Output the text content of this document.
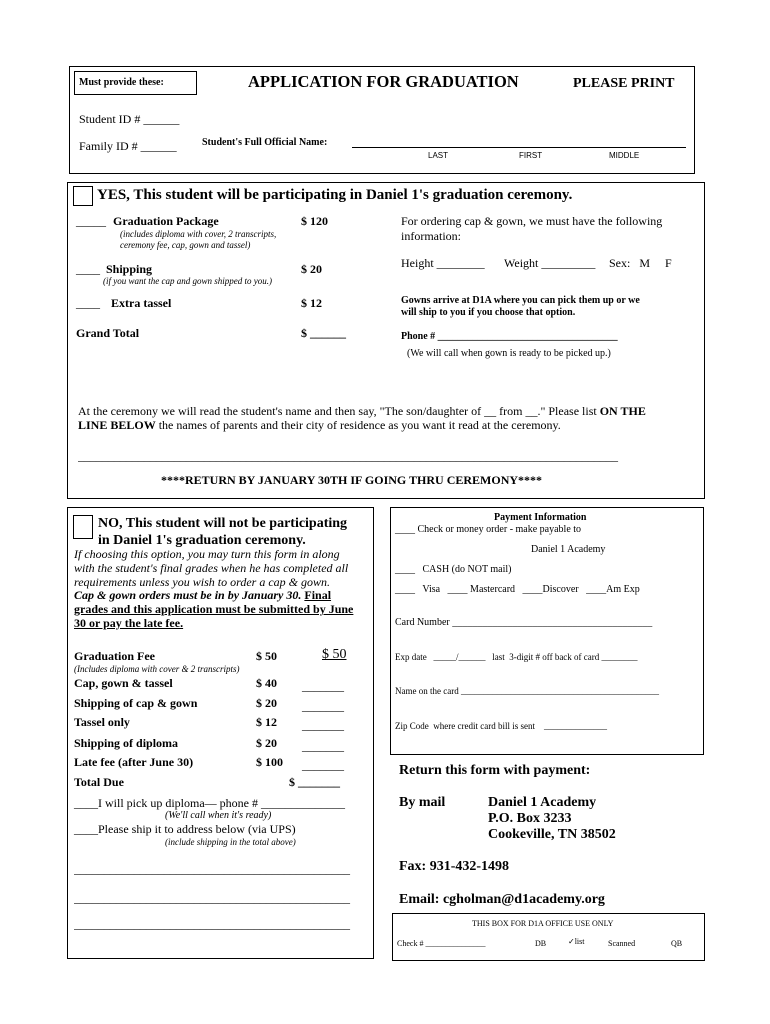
Must provide these:	APPLICATION FOR GRADUATION	PLEASE PRINT
Student ID # ______
Family ID # ______	Student's Full Official Name:
LAST	FIRST	MIDDLE
YES, This student will be participating in Daniel 1's graduation ceremony.
_____ Graduation Package	$ 120
(includes diploma with cover, 2 transcripts,
ceremony fee, cap, gown and tassel)
____ Shipping	$ 20
(if you want the cap and gown shipped to you.)
____ Extra tassel	$ 12
Grand Total	$ ______
For ordering cap & gown, we must have the following
information:
Height ________ Weight _________ Sex:   M     F
Gowns arrive at D1A where you can pick them up or we
will ship to you if you choose that option.
Phone # ____________________________________
(We will call when gown is ready to be picked up.)
At the ceremony we will read the student's name and then say, "The son/daughter of __ from __." Please list ON THE
LINE BELOW the names of parents and their city of residence as you want it read at the ceremony.
__________________________________________________________________________________________
****RETURN BY JANUARY 30TH IF GOING THRU CEREMONY****
NO, This student will not be participating
in Daniel 1's graduation ceremony.
If choosing this option, you may turn this form in along
with the student's final grades when he has completed all
requirements unless you wish to order a cap & gown.
Cap & gown orders must be in by January 30. Final
grades and this application must be submitted by June
30 or pay the late fee.
Graduation Fee	$ 50	$ 50
(Includes diploma with cover & 2 transcripts)
Cap, gown & tassel	$ 40 _______
Shipping of cap & gown	$ 20 _______
Tassel only	$ 12 _______
Shipping of diploma	$ 20 _______
Late fee (after June 30)	$ 100 _______
Total Due	$ _______
____I will pick up diploma— phone # ______________
(We'll call when it's ready)
____Please ship it to address below (via UPS)
(include shipping in the total above)
______________________________________________
______________________________________________
______________________________________________
Payment Information
____ Check or money order - make payable to
Daniel 1 Academy
____   CASH (do NOT mail)
____   Visa   ____ Mastercard   ____Discover   ____Am Exp
Card Number ________________________________________
Exp date   _____/______   last  3-digit # off back of card ________
Name on the card ____________________________________________
Zip Code  where credit card bill is sent    ______________
Return this form with payment:
By mail	Daniel 1 Academy
P.O. Box 3233
Cookeville, TN 38502
Fax: 931-432-1498
Email: cgholman@d1academy.org
THIS BOX FOR D1A OFFICE USE ONLY
Check # _______________	DB	✓list	Scanned	QB
